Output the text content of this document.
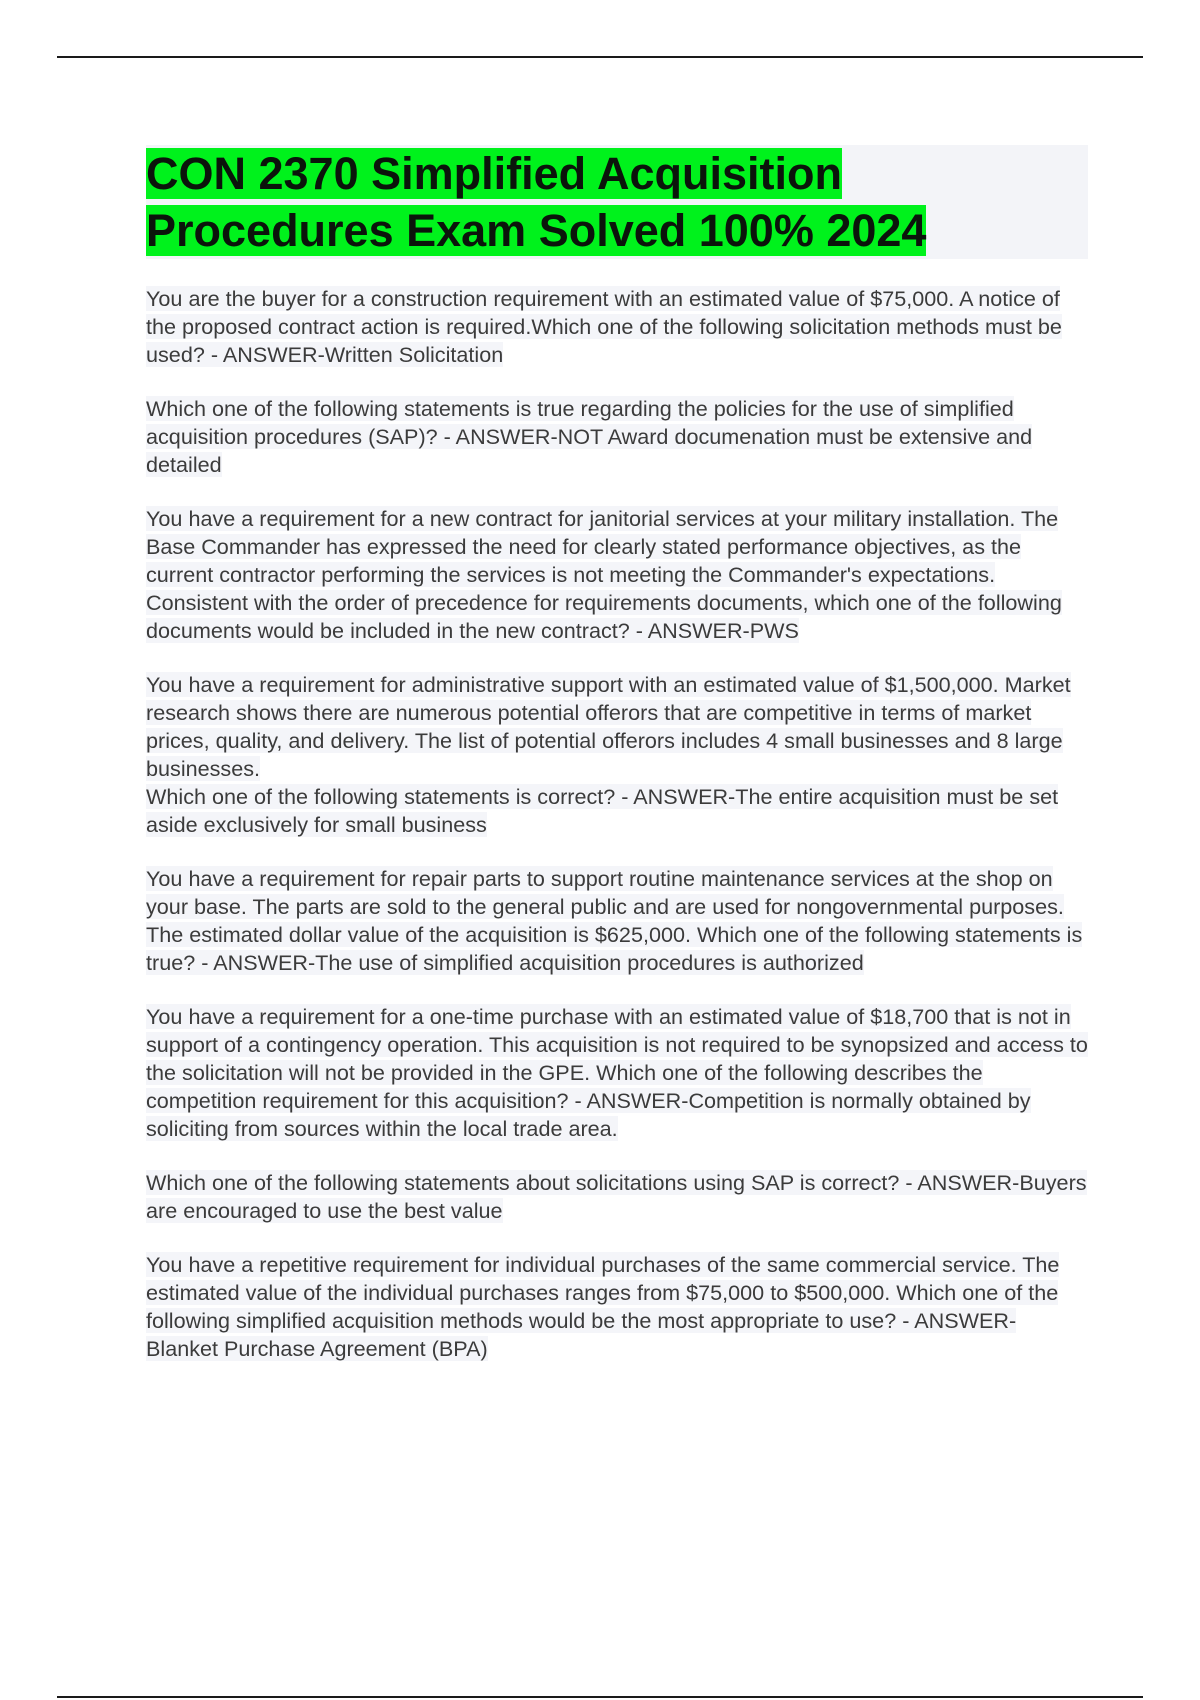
CON 2370 Simplified Acquisition Procedures Exam Solved 100% 2024

You are the buyer for a construction requirement with an estimated value of $75,000. A notice of the proposed contract action is required.Which one of the following solicitation methods must be used? - ANSWER-Written Solicitation

Which one of the following statements is true regarding the policies for the use of simplified acquisition procedures (SAP)? - ANSWER-NOT Award documenation must be extensive and detailed

You have a requirement for a new contract for janitorial services at your military installation. The Base Commander has expressed the need for clearly stated performance objectives, as the current contractor performing the services is not meeting the Commander's expectations.

Consistent with the order of precedence for requirements documents, which one of the following documents would be included in the new contract? - ANSWER-PWS

You have a requirement for administrative support with an estimated value of $1,500,000. Market research shows there are numerous potential offerors that are competitive in terms of market prices, quality, and delivery. The list of potential offerors includes 4 small businesses and 8 large businesses.

Which one of the following statements is correct? - ANSWER-The entire acquisition must be set aside exclusively for small business

You have a requirement for repair parts to support routine maintenance services at the shop on your base. The parts are sold to the general public and are used for nongovernmental purposes. The estimated dollar value of the acquisition is $625,000. Which one of the following statements is true? - ANSWER-The use of simplified acquisition procedures is authorized

You have a requirement for a one-time purchase with an estimated value of $18,700 that is not in support of a contingency operation. This acquisition is not required to be synopsized and access to the solicitation will not be provided in the GPE. Which one of the following describes the competition requirement for this acquisition? - ANSWER-Competition is normally obtained by soliciting from sources within the local trade area.

Which one of the following statements about solicitations using SAP is correct? - ANSWER-Buyers are encouraged to use the best value

You have a repetitive requirement for individual purchases of the same commercial service. The estimated value of the individual purchases ranges from $75,000 to $500,000. Which one of the following simplified acquisition methods would be the most appropriate to use? - ANSWER-Blanket Purchase Agreement (BPA)
